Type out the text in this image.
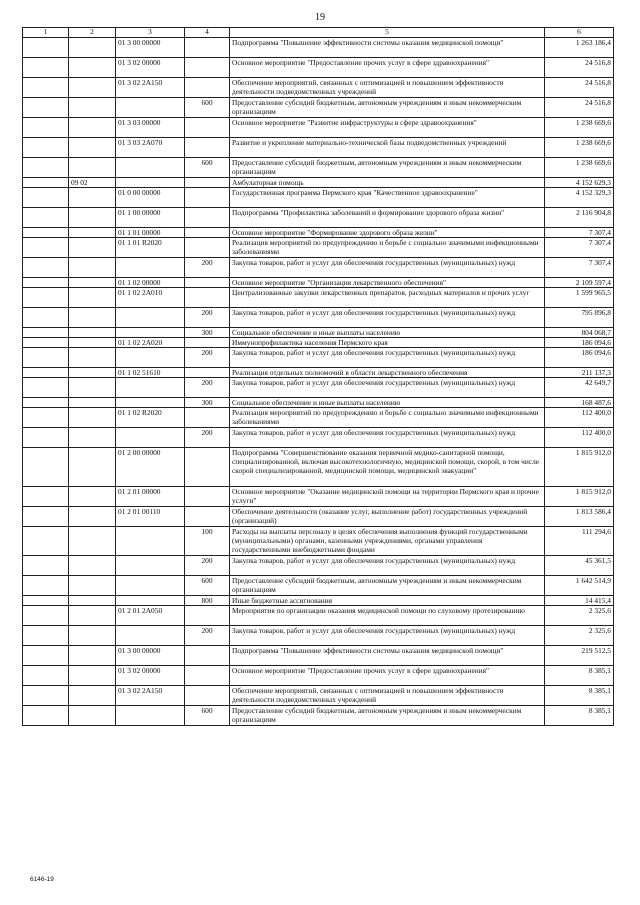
19
1	2	3	4	5	6
		01 3 00 00000		Подпрограмма "Повышение эффективности системы оказания медицинской помощи"	1 263 186,4
		01 3 02 00000		Основное мероприятие "Предоставление прочих услуг в сфере здравоохранения"	24 516,8
		01 3 02 2А150		Обеспечение мероприятий, связанных с оптимизацией и повышением эффективности деятельности подведомственных учреждений	24 516,8
			600	Предоставление субсидий бюджетным, автономным учреждениям и иным некоммерческим организациям	24 516,8
		01 3 03 00000		Основное мероприятие "Развитие инфраструктуры в сфере здравоохранения"	1 238 669,6
		01 3 03 2А070		Развитие и укрепление материально-технической базы подведомственных учреждений	1 238 669,6
			600	Предоставление субсидий бюджетным, автономным учреждениям и иным некоммерческим организациям	1 238 669,6
	09 02			Амбулаторная помощь	4 152 629,3
		01 0 00 00000		Государственная программа Пермского края "Качественное здравоохранение"	4 152 329,3
		01 1 00 00000		Подпрограмма "Профилактика заболеваний и формирование здорового образа жизни"	2 116 904,8
		01 1 01 00000		Основное мероприятие "Формирование здорового образа жизни"	7 307,4
		01 1 01 R2020		Реализация мероприятий по предупреждению и борьбе с социально значимыми инфекционными заболеваниями	7 307,4
			200	Закупка товаров, работ и услуг для обеспечения государственных (муниципальных) нужд	7 307,4
		01 1 02 00000		Основное мероприятие "Организация лекарственного обеспечения"	2 109 597,4
		01 1 02 2А010		Централизованные закупки лекарственных препаратов, расходных материалов и прочих услуг	1 599 965,5
			200	Закупка товаров, работ и услуг для обеспечения государственных (муниципальных) нужд	795 896,8
			300	Социальное обеспечение и иные выплаты населению	804 068,7
		01 1 02 2А020		Иммунопрофилактика населения Пермского края	186 094,6
			200	Закупка товаров, работ и услуг для обеспечения государственных (муниципальных) нужд	186 094,6
		01 1 02 51610		Реализация отдельных полномочий в области лекарственного обеспечения	211 137,3
			200	Закупка товаров, работ и услуг для обеспечения государственных (муниципальных) нужд	42 649,7
			300	Социальное обеспечение и иные выплаты населению	168 487,6
		01 1 02 R2020		Реализация мероприятий по предупреждению и борьбе с социально значимыми инфекционными заболеваниями	112 400,0
			200	Закупка товаров, работ и услуг для обеспечения государственных (муниципальных) нужд	112 400,0
		01 2 00 00000		Подпрограмма "Совершенствование оказания первичной медико-санитарной помощи, специализированной, включая высокотехнологичную, медицинской помощи, скорой, в том числе скорой специализированной, медицинской помощи, медицинской эвакуации"	1 815 912,0
		01 2 01 00000		Основное мероприятие "Оказание медицинской помощи на территории Пермского края и прочие услуги"	1 815 912,0
		01 2 01 00110		Обеспечение деятельности (оказание услуг, выполнение работ) государственных учреждений (организаций)	1 813 586,4
			100	Расходы на выплаты персоналу в целях обеспечения выполнения функций государственными (муниципальными) органами, казенными учреждениями, органами управления государственными внебюджетными фондами	111 294,6
			200	Закупка товаров, работ и услуг для обеспечения государственных (муниципальных) нужд	45 361,5
			600	Предоставление субсидий бюджетным, автономным учреждениям и иным некоммерческим организациям	1 642 514,9
			800	Иные бюджетные ассигнования	14 415,4
		01 2 01 2А050		Мероприятия по организации оказания медицинской помощи по слуховому протезированию	2 325,6
			200	Закупка товаров, работ и услуг для обеспечения государственных (муниципальных) нужд	2 325,6
		01 3 00 00000		Подпрограмма "Повышение эффективности системы оказания медицинской помощи"	219 512,5
		01 3 02 00000		Основное мероприятие "Предоставление прочих услуг в сфере здравоохранения"	8 385,1
		01 3 02 2А150		Обеспечение мероприятий, связанных с оптимизацией и повышением эффективности деятельности подведомственных учреждений	8 385,1
			600	Предоставление субсидий бюджетным, автономным учреждениям и иным некоммерческим организациям	8 385,1
6146-19
